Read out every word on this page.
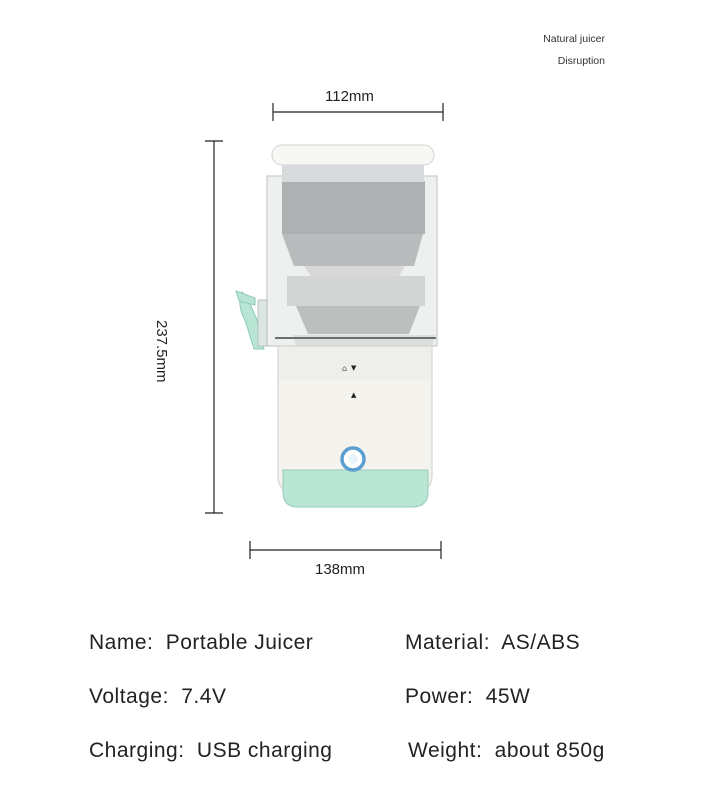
Natural juicer
Disruption
⌂ ▼
▲
112mm
237.5mm
138mm
Name: Portable Juicer	Material: AS/ABS
Voltage: 7.4V	Power: 45W
Charging: USB charging	Weight: about 850g
